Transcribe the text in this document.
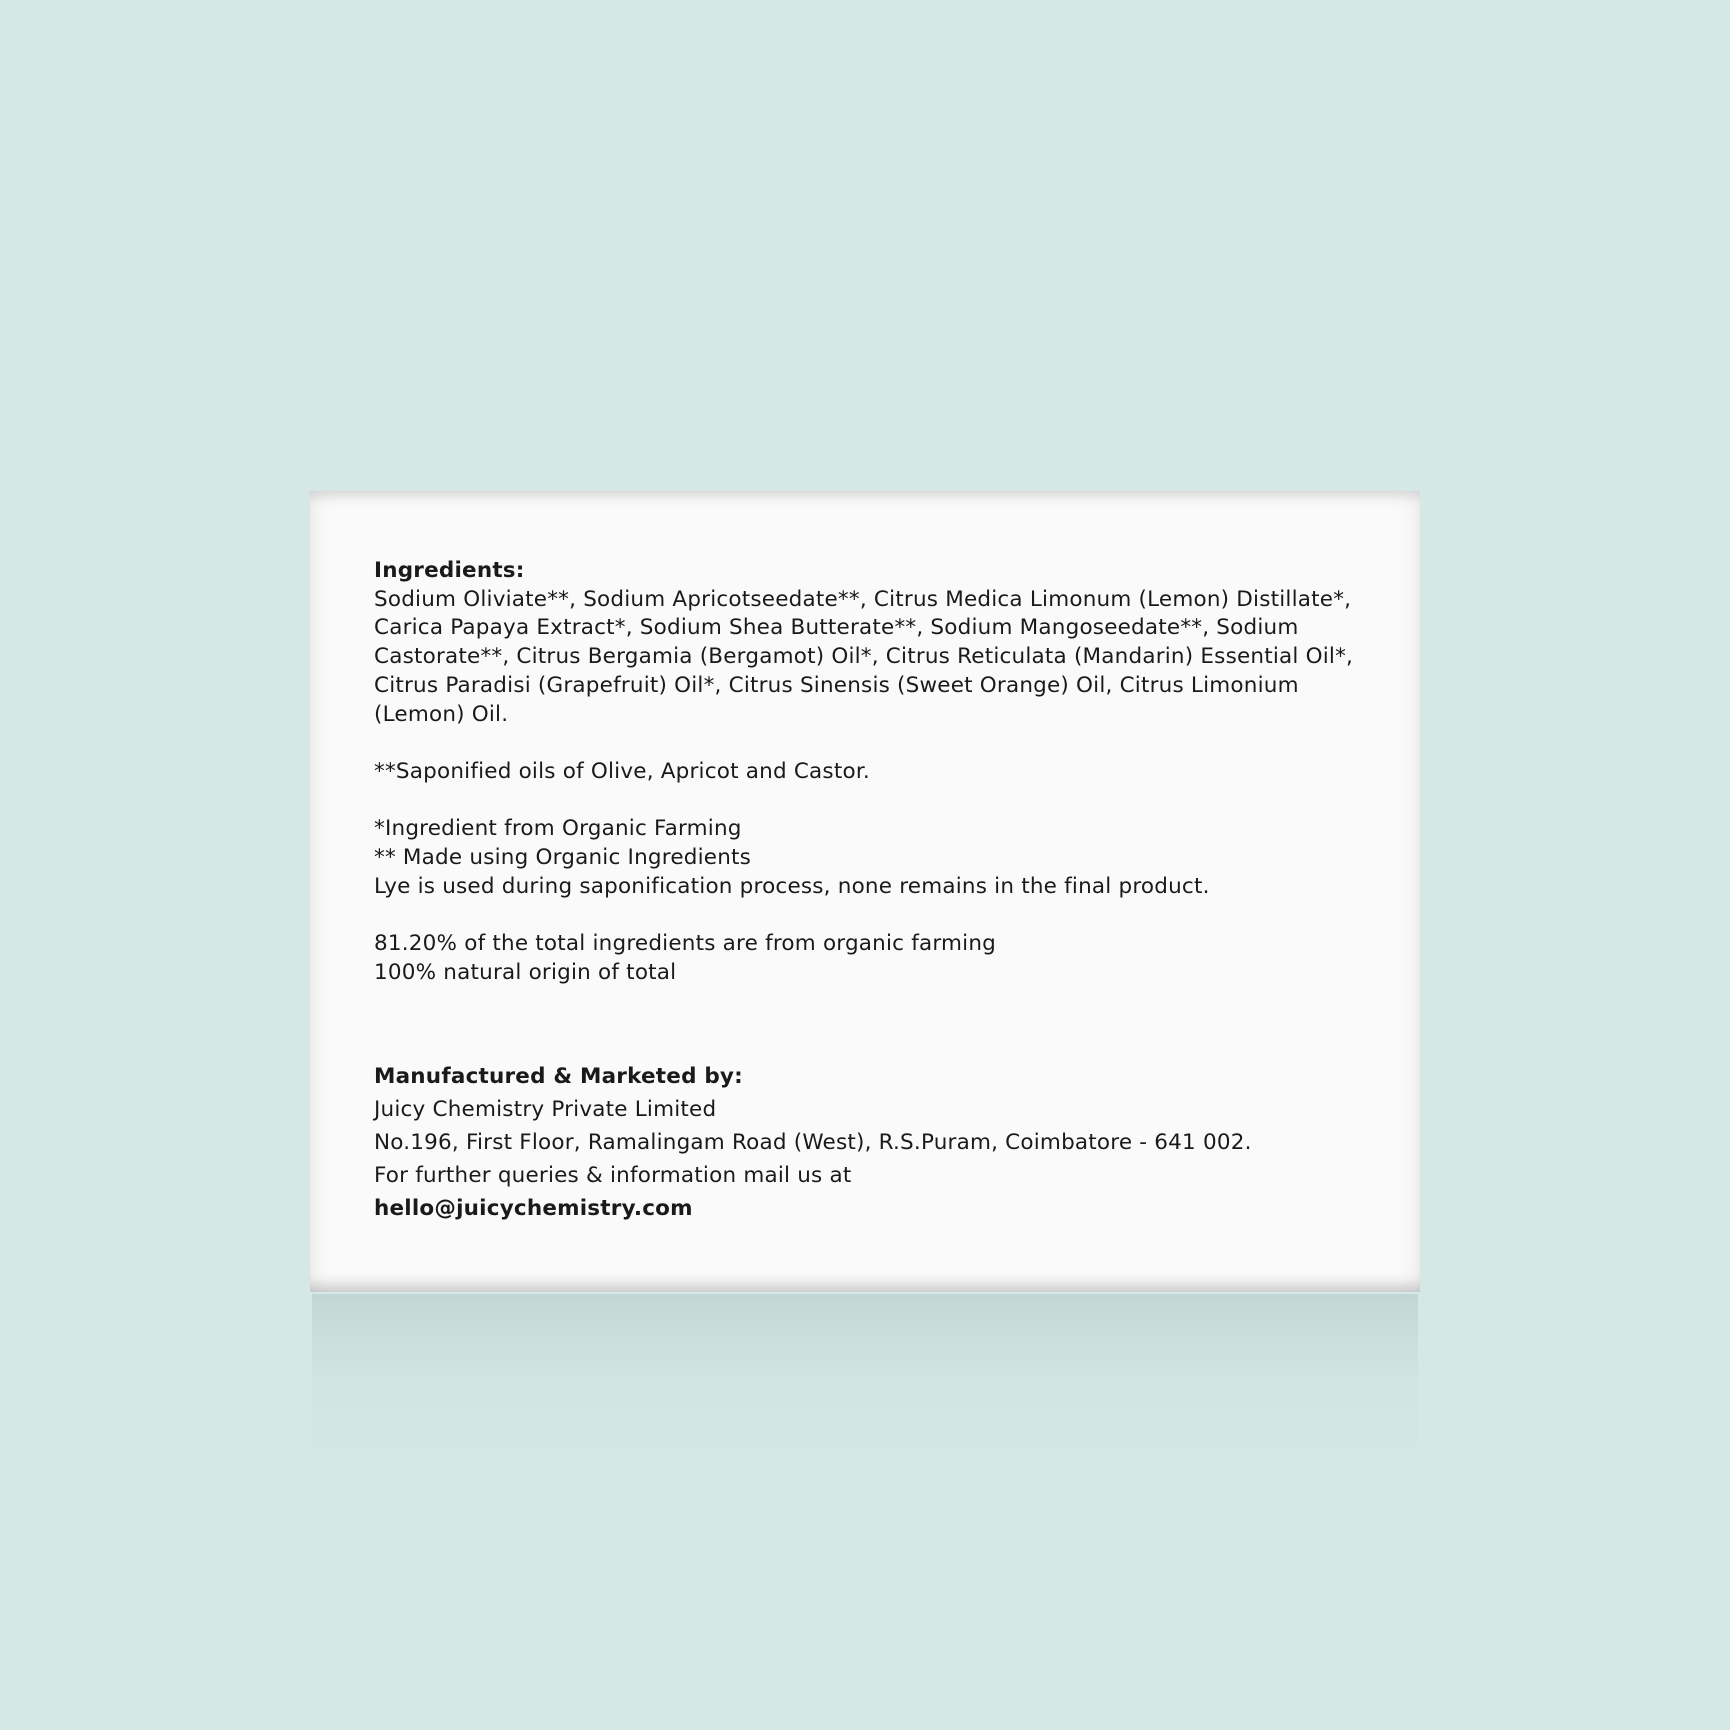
Ingredients:

Sodium Oliviate**, Sodium Apricotseedate**, Citrus Medica Limonum (Lemon) Distillate*,
Carica Papaya Extract*, Sodium Shea Butterate**, Sodium Mangoseedate**, Sodium
Castorate**, Citrus Bergamia (Bergamot) Oil*, Citrus Reticulata (Mandarin) Essential Oil*,
Citrus Paradisi (Grapefruit) Oil*, Citrus Sinensis (Sweet Orange) Oil, Citrus Limonium
(Lemon) Oil.

**Saponified oils of Olive, Apricot and Castor.

*Ingredient from Organic Farming

** Made using Organic Ingredients

Lye is used during saponification process, none remains in the final product.

81.20% of the total ingredients are from organic farming

100% natural origin of total

Manufactured & Marketed by:

Juicy Chemistry Private Limited

No.196, First Floor, Ramalingam Road (West), R.S.Puram, Coimbatore - 641 002.

For further queries & information mail us at

hello@juicychemistry.com
